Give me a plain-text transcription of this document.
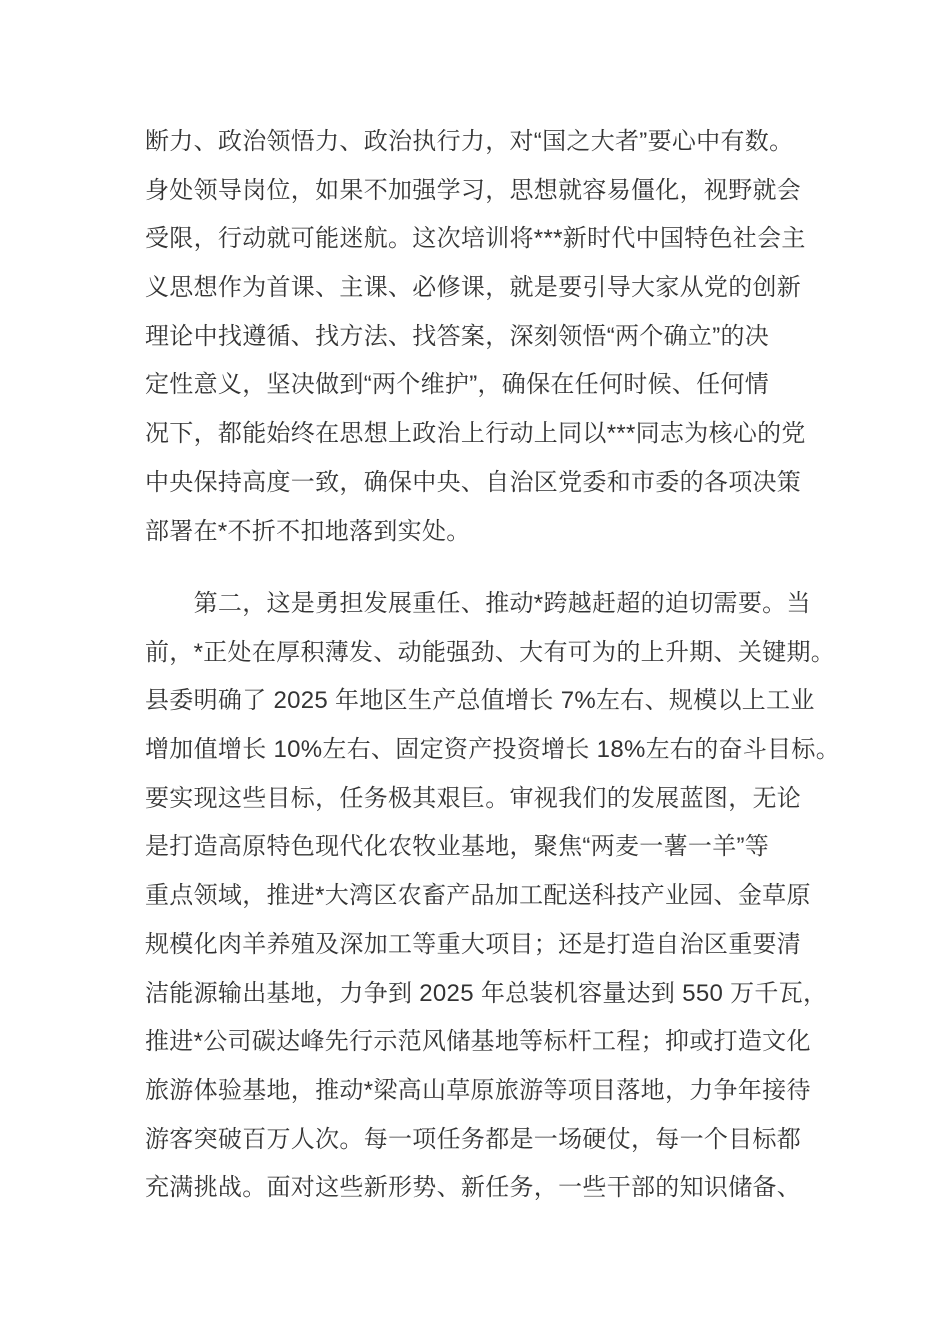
断力、政治领悟力、政治执行力，对“国之大者”要心中有数。
身处领导岗位，如果不加强学习，思想就容易僵化，视野就会
受限，行动就可能迷航。这次培训将***新时代中国特色社会主
义思想作为首课、主课、必修课，就是要引导大家从党的创新
理论中找遵循、找方法、找答案，深刻领悟“两个确立”的决
定性意义，坚决做到“两个维护”，确保在任何时候、任何情
况下，都能始终在思想上政治上行动上同以***同志为核心的党
中央保持高度一致，确保中央、自治区党委和市委的各项决策
部署在*不折不扣地落到实处。
　　第二，这是勇担发展重任、推动*跨越赶超的迫切需要。当
前，*正处在厚积薄发、动能强劲、大有可为的上升期、关键期。
县委明确了 2025 年地区生产总值增长 7%左右、规模以上工业
增加值增长 10%左右、固定资产投资增长 18%左右的奋斗目标。
要实现这些目标，任务极其艰巨。审视我们的发展蓝图，无论
是打造高原特色现代化农牧业基地，聚焦“两麦一薯一羊”等
重点领域，推进*大湾区农畜产品加工配送科技产业园、金草原
规模化肉羊养殖及深加工等重大项目；还是打造自治区重要清
洁能源输出基地，力争到 2025 年总装机容量达到 550 万千瓦，
推进*公司碳达峰先行示范风储基地等标杆工程；抑或打造文化
旅游体验基地，推动*梁高山草原旅游等项目落地，力争年接待
游客突破百万人次。每一项任务都是一场硬仗，每一个目标都
充满挑战。面对这些新形势、新任务，一些干部的知识储备、
